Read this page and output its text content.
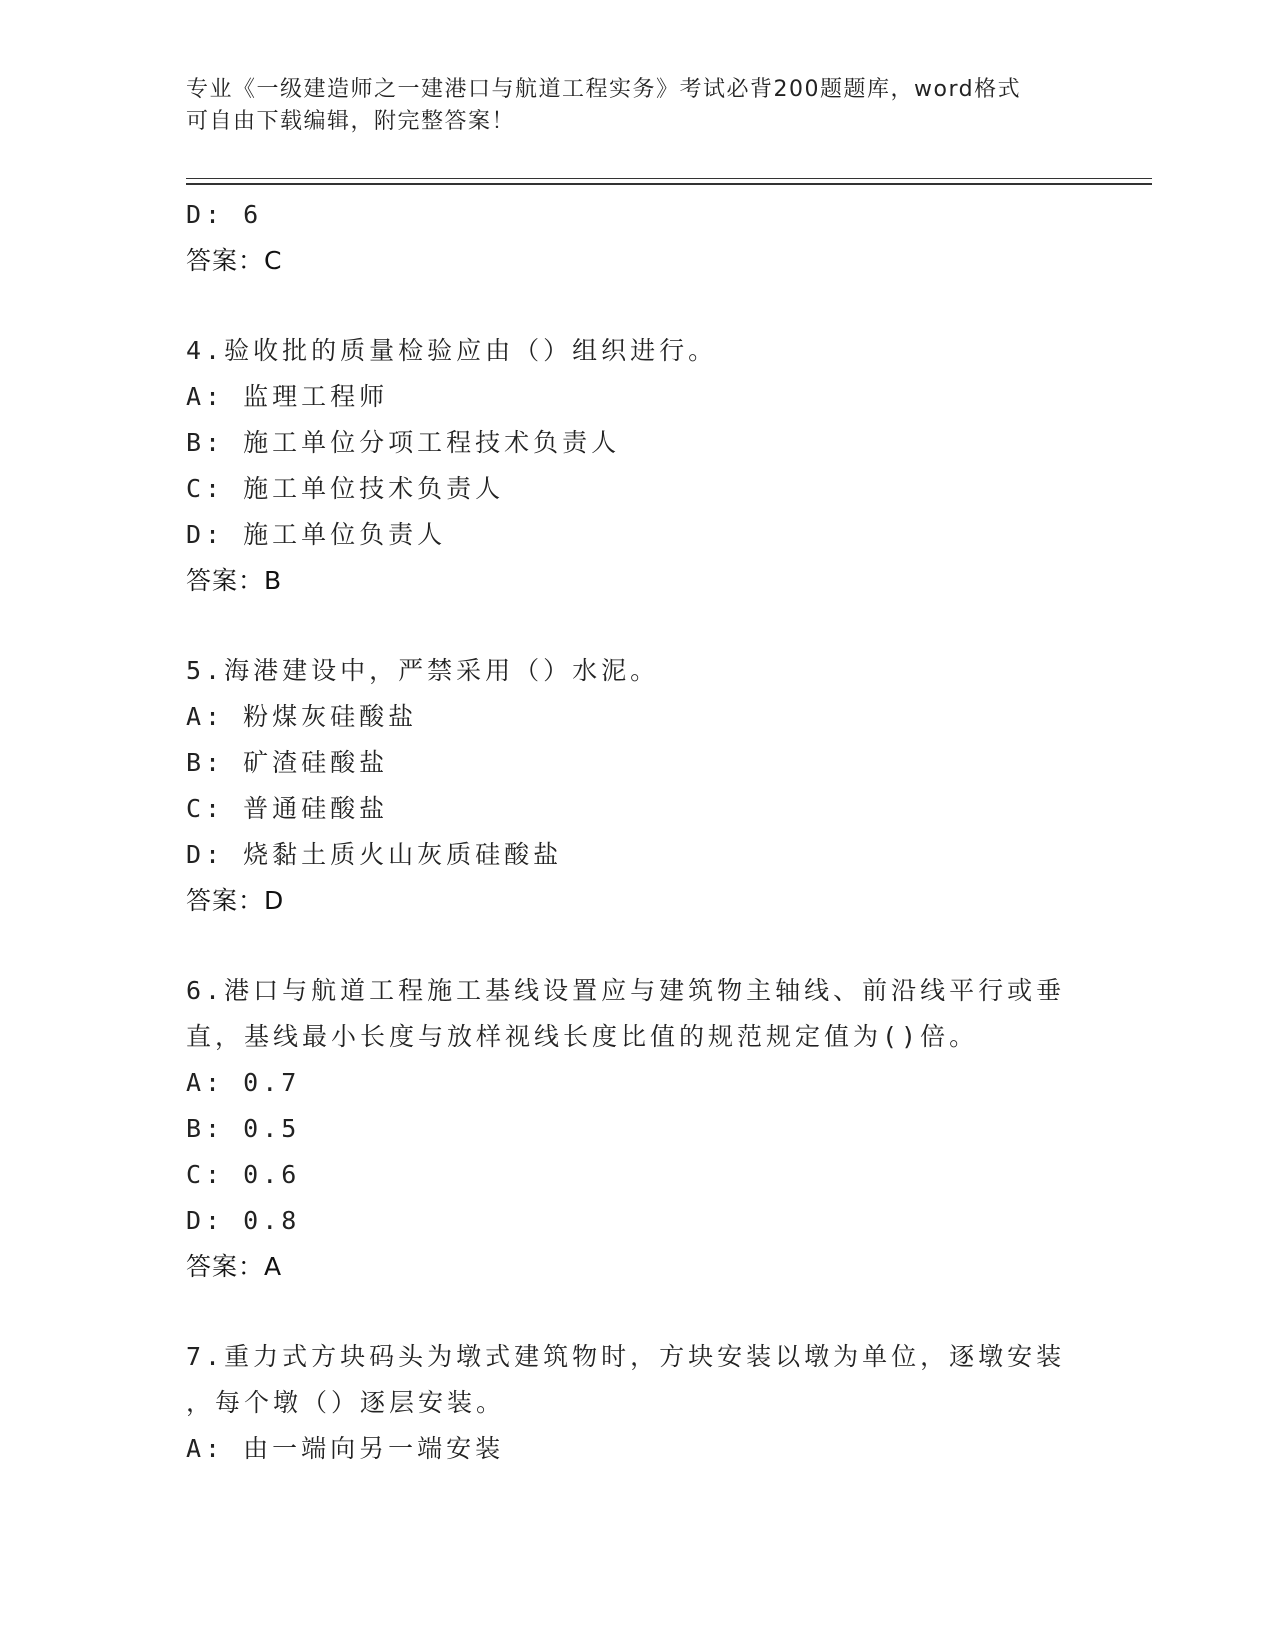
专业《一级建造师之一建港口与航道工程实务》考试必背200题题库，word格式
可自由下载编辑，附完整答案！
D: 6
答案：C
4.验收批的质量检验应由（）组织进行。
A: 监理工程师
B: 施工单位分项工程技术负责人
C: 施工单位技术负责人
D: 施工单位负责人
答案：B
5.海港建设中，严禁采用（）水泥。
A: 粉煤灰硅酸盐
B: 矿渣硅酸盐
C: 普通硅酸盐
D: 烧黏土质火山灰质硅酸盐
答案：D
6.港口与航道工程施工基线设置应与建筑物主轴线、前沿线平行或垂
直，基线最小长度与放样视线长度比值的规范规定值为()倍。
A: 0.7
B: 0.5
C: 0.6
D: 0.8
答案：A
7.重力式方块码头为墩式建筑物时，方块安装以墩为单位，逐墩安装
，每个墩（）逐层安装。
A: 由一端向另一端安装
